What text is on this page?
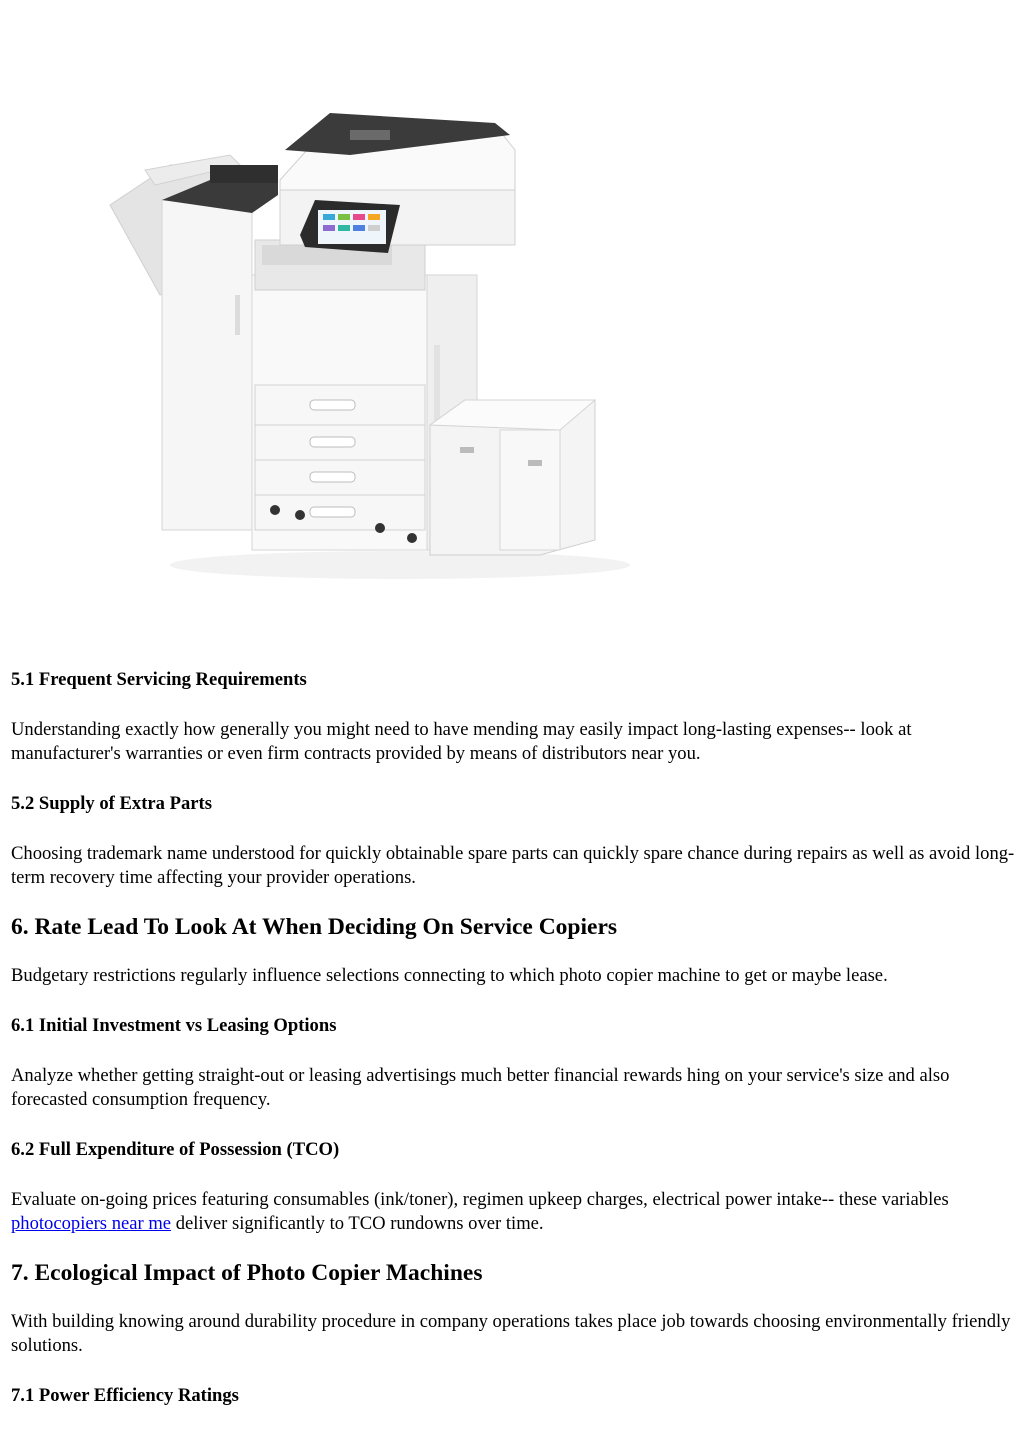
5.1 Frequent Servicing Requirements

Understanding exactly how generally you might need to have mending may easily impact long-lasting expenses-- look at manufacturer's warranties or even firm contracts provided by means of distributors near you.

5.2 Supply of Extra Parts

Choosing trademark name understood for quickly obtainable spare parts can quickly spare chance during repairs as well as avoid long-term recovery time affecting your provider operations.

6. Rate Lead To Look At When Deciding On Service Copiers

Budgetary restrictions regularly influence selections connecting to which photo copier machine to get or maybe lease.

6.1 Initial Investment vs Leasing Options

Analyze whether getting straight-out or leasing advertisings much better financial rewards hing on your service's size and also forecasted consumption frequency.

6.2 Full Expenditure of Possession (TCO)

Evaluate on-going prices featuring consumables (ink/toner), regimen upkeep charges, electrical power intake-- these variables photocopiers near me deliver significantly to TCO rundowns over time.

7. Ecological Impact of Photo Copier Machines

With building knowing around durability procedure in company operations takes place job towards choosing environmentally friendly solutions.

7.1 Power Efficiency Ratings
